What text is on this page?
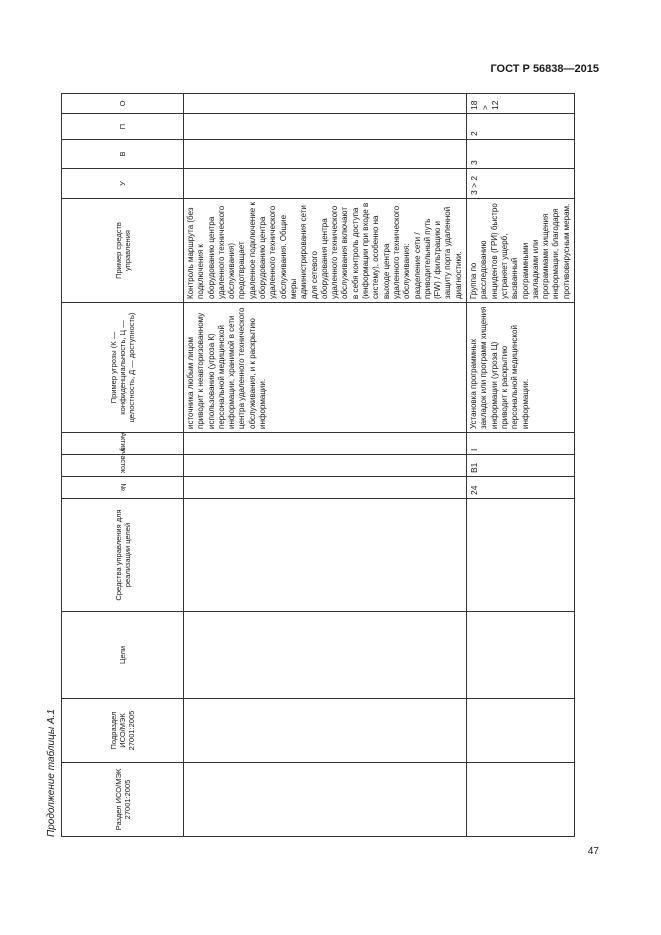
ГОСТ Р 56838—2015
Продолжение таблицы А.1	Раздел ИСО/МЭК 27001:2005	Подраздел ИСО/МЭК 27001:2005	Цели	Средства управления для реализации целей	№	участок	Актив	Пример угрозы (К — конфиденциальность, Ц — целостность, Д — доступность)	Пример средств управления	У	В	П	О
							источника любым лицом приводит к неавторизованному использованию (угроза К) персональной медицинской информации, хранимой в сети центра удаленного технического обслуживания, и к раскрытию информации.	Контроль маршрута (без подключения к оборудованию центра удаленного технического обслуживания) предотвращает удаленное подключение к оборудованию центра удаленного технического обслуживания. Общие меры администрирования сети для сетевого оборудования центра удаленного технического обслуживания включают в себя контроль доступа (информации при входе в систему), особенно на выходе центра удаленного технического обслуживания: разделение сети / приводительный путь (FW) / фильтрацию и защиту порта удаленной диагностики.				
				24	B1	I	Установка программных закладок или программ хищения информации (угроза Ц) приводит к раскрытию персональной медицинской информации.	Группа по расследованию инцидентов (ГРИ) быстро устраняет ущерб, вызванный программными закладками или программами хищения информации, благодаря противовирусным мерам.	3 > 2	3	2	18 > 12
47
